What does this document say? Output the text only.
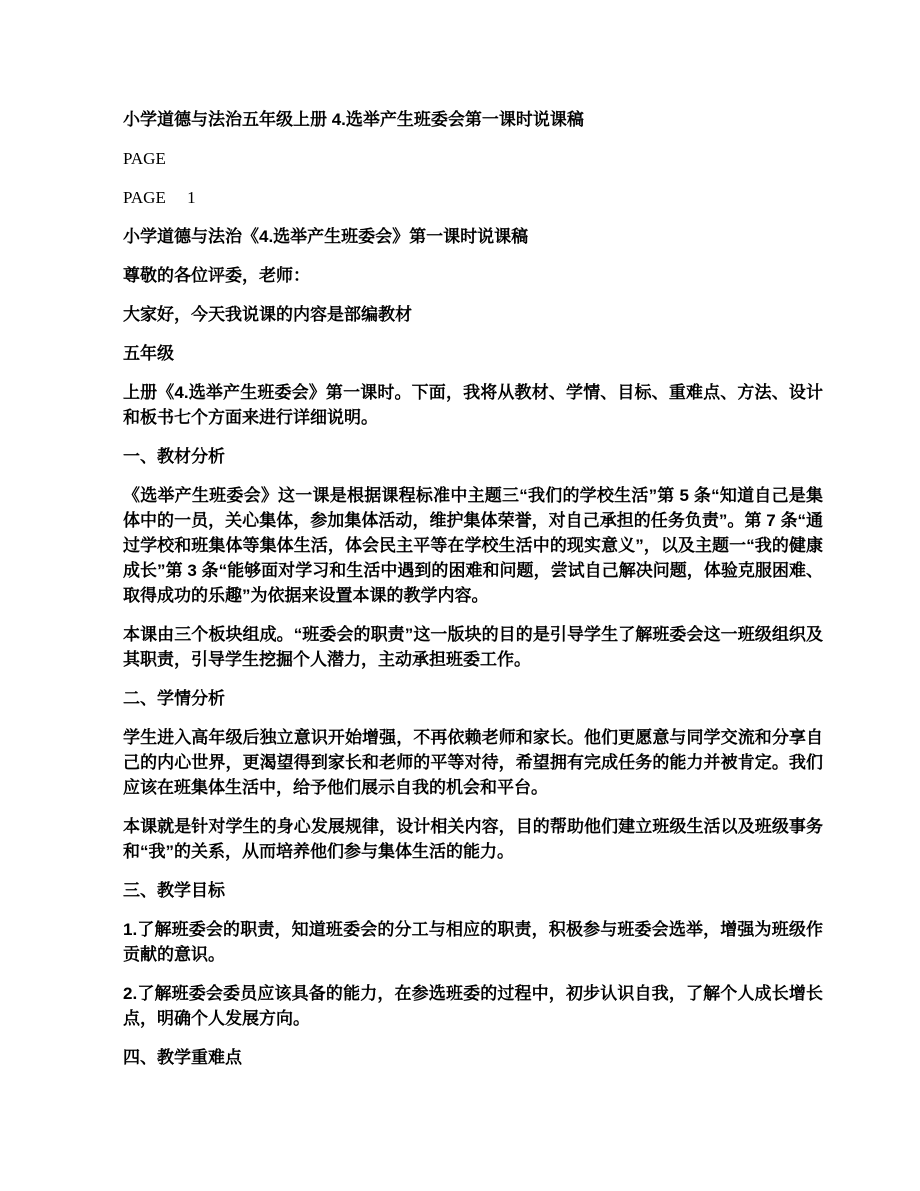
小学道德与法治五年级上册 4.选举产生班委会第一课时说课稿

PAGE

PAGE     1

小学道德与法治《4.选举产生班委会》第一课时说课稿

尊敬的各位评委，老师：

大家好，今天我说课的内容是部编教材

五年级

上册《4.选举产生班委会》第一课时。下面，我将从教材、学情、目标、重难点、方法、设计和板书七个方面来进行详细说明。

一、教材分析

《选举产生班委会》这一课是根据课程标准中主题三“我们的学校生活”第 5 条“知道自己是集体中的一员，关心集体，参加集体活动，维护集体荣誉，对自己承担的任务负责”。第 7 条“通过学校和班集体等集体生活，体会民主平等在学校生活中的现实意义”，以及主题一“我的健康成长”第 3 条“能够面对学习和生活中遇到的困难和问题，尝试自己解决问题，体验克服困难、取得成功的乐趣”为依据来设置本课的教学内容。

本课由三个板块组成。“班委会的职责”这一版块的目的是引导学生了解班委会这一班级组织及其职责，引导学生挖掘个人潜力，主动承担班委工作。

二、学情分析

学生进入高年级后独立意识开始增强，不再依赖老师和家长。他们更愿意与同学交流和分享自己的内心世界，更渴望得到家长和老师的平等对待，希望拥有完成任务的能力并被肯定。我们应该在班集体生活中，给予他们展示自我的机会和平台。

本课就是针对学生的身心发展规律，设计相关内容，目的帮助他们建立班级生活以及班级事务和“我”的关系，从而培养他们参与集体生活的能力。

三、教学目标

1.了解班委会的职责，知道班委会的分工与相应的职责，积极参与班委会选举，增强为班级作贡献的意识。

2.了解班委会委员应该具备的能力，在参选班委的过程中，初步认识自我，了解个人成长增长点，明确个人发展方向。

四、教学重难点
